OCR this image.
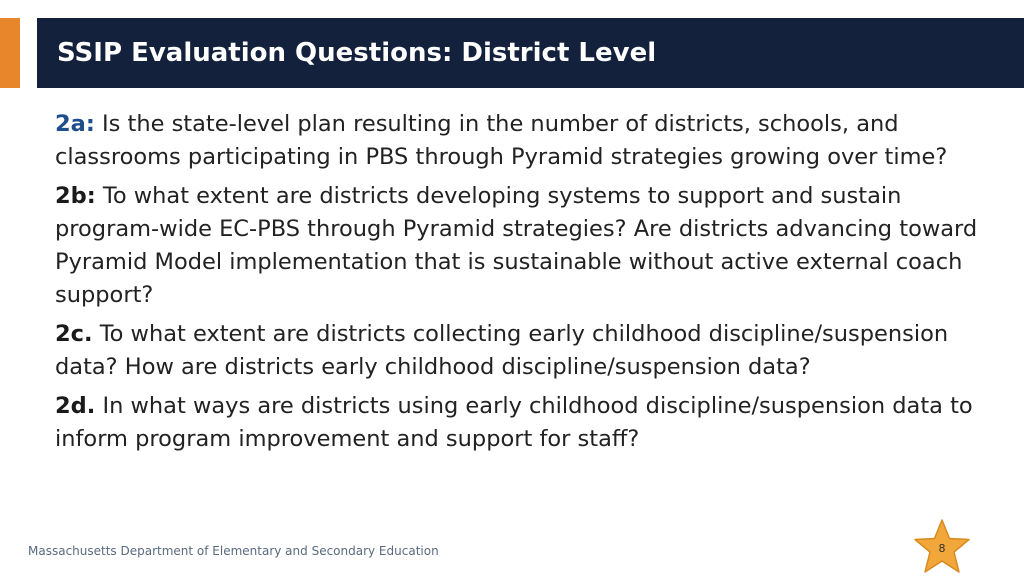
SSIP Evaluation Questions: District Level

2a: Is the state-level plan resulting in the number of districts, schools, and classrooms participating in PBS through Pyramid strategies growing over time?

2b: To what extent are districts developing systems to support and sustain program-wide EC-PBS through Pyramid strategies? Are districts advancing toward Pyramid Model implementation that is sustainable without active external coach support?

2c. To what extent are districts collecting early childhood discipline/suspension data? How are districts early childhood discipline/suspension data?

2d. In what ways are districts using early childhood discipline/suspension data to inform program improvement and support for staff?

Massachusetts Department of Elementary and Secondary Education	8
